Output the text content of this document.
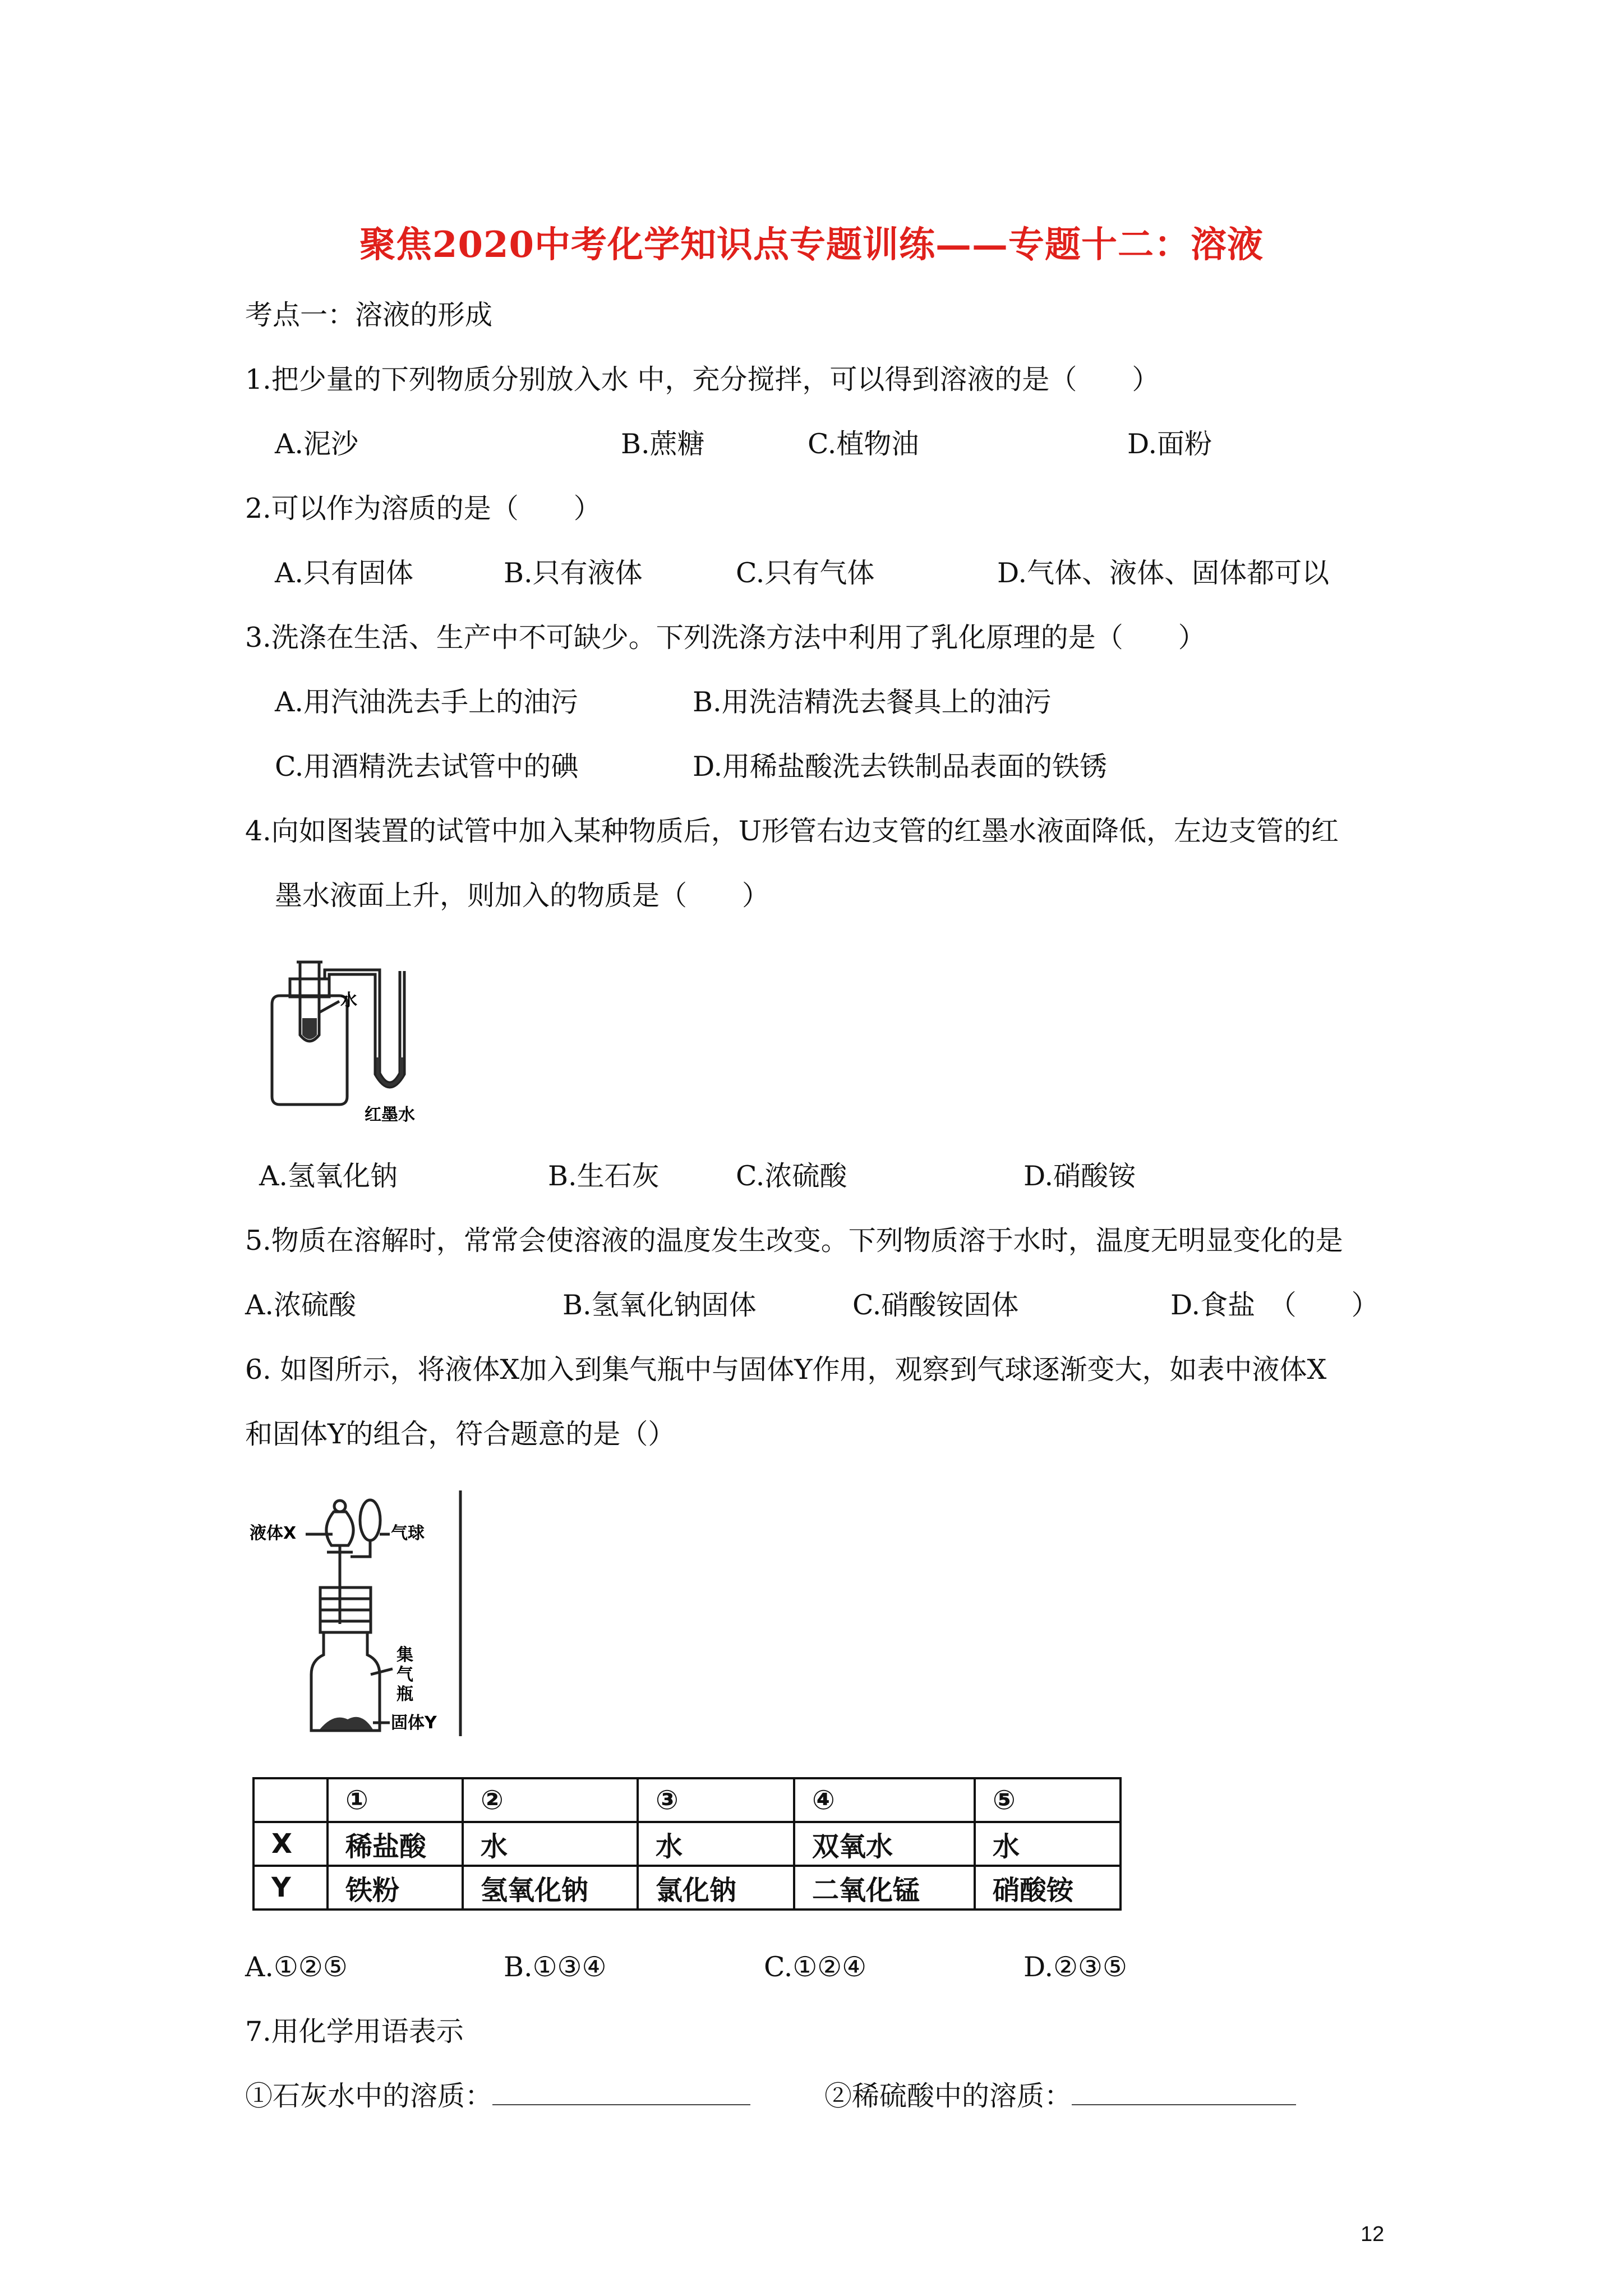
聚焦2020中考化学知识点专题训练——专题十二：溶液
考点一：溶液的形成
1.把少量的下列物质分别放入水 中，充分搅拌，可以得到溶液的是（　　）
A.泥沙	B.蔗糖	C.植物油	D.面粉
2.可以作为溶质的是（　　）
A.只有固体	B.只有液体	C.只有气体	D.气体、液体、固体都可以
3.洗涤在生活、生产中不可缺少。下列洗涤方法中利用了乳化原理的是（　　）
A.用汽油洗去手上的油污	B.用洗洁精洗去餐具上的油污
C.用酒精洗去试管中的碘	D.用稀盐酸洗去铁制品表面的铁锈
4.向如图装置的试管中加入某种物质后，U形管右边支管的红墨水液面降低，左边支管的红
墨水液面上升，则加入的物质是（　　）
水
红墨水
A.氢氧化钠	B.生石灰	C.浓硫酸	D.硝酸铵
5.物质在溶解时，常常会使溶液的温度发生改变。下列物质溶于水时，温度无明显变化的是
A.浓硫酸	B.氢氧化钠固体	C.硝酸铵固体	D.食盐　（　　）
6. 如图所示，将液体X加入到集气瓶中与固体Y作用，观察到气球逐渐变大，如表中液体X
和固体Y的组合，符合题意的是（）
液体X	气球
集
气
瓶
固体Y
	①	②	③	④	⑤
X	稀盐酸	水	水	双氧水	水
Y	铁粉	氢氧化钠	氯化钠	二氧化锰	硝酸铵
A.①②⑤	B.①③④	C.①②④	D.②③⑤
7.用化学用语表示
①石灰水中的溶质：	②稀硫酸中的溶质：
12
